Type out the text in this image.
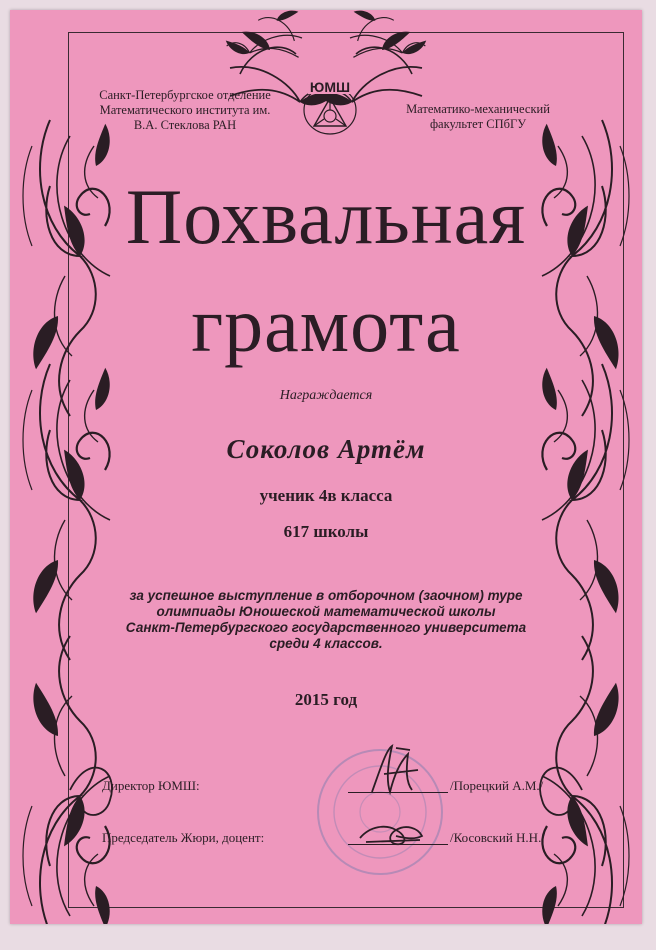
Санкт-Петербургское отделение
Математического института им.
В.А. Стеклова РАН
ЮМШ
Математико-механический
факультет СПбГУ
Похвальная
грамота
Награждается
Соколов Артём
ученик 4в класса
617 школы
за успешное выступление в отборочном (заочном) туре
олимпиады Юношеской математической школы
Санкт-Петербургского государственного университета
среди 4 классов.
2015 год
Директор ЮМШ:	/Порецкий А.М./
Председатель Жюри, доцент:	/Косовский Н.Н./
